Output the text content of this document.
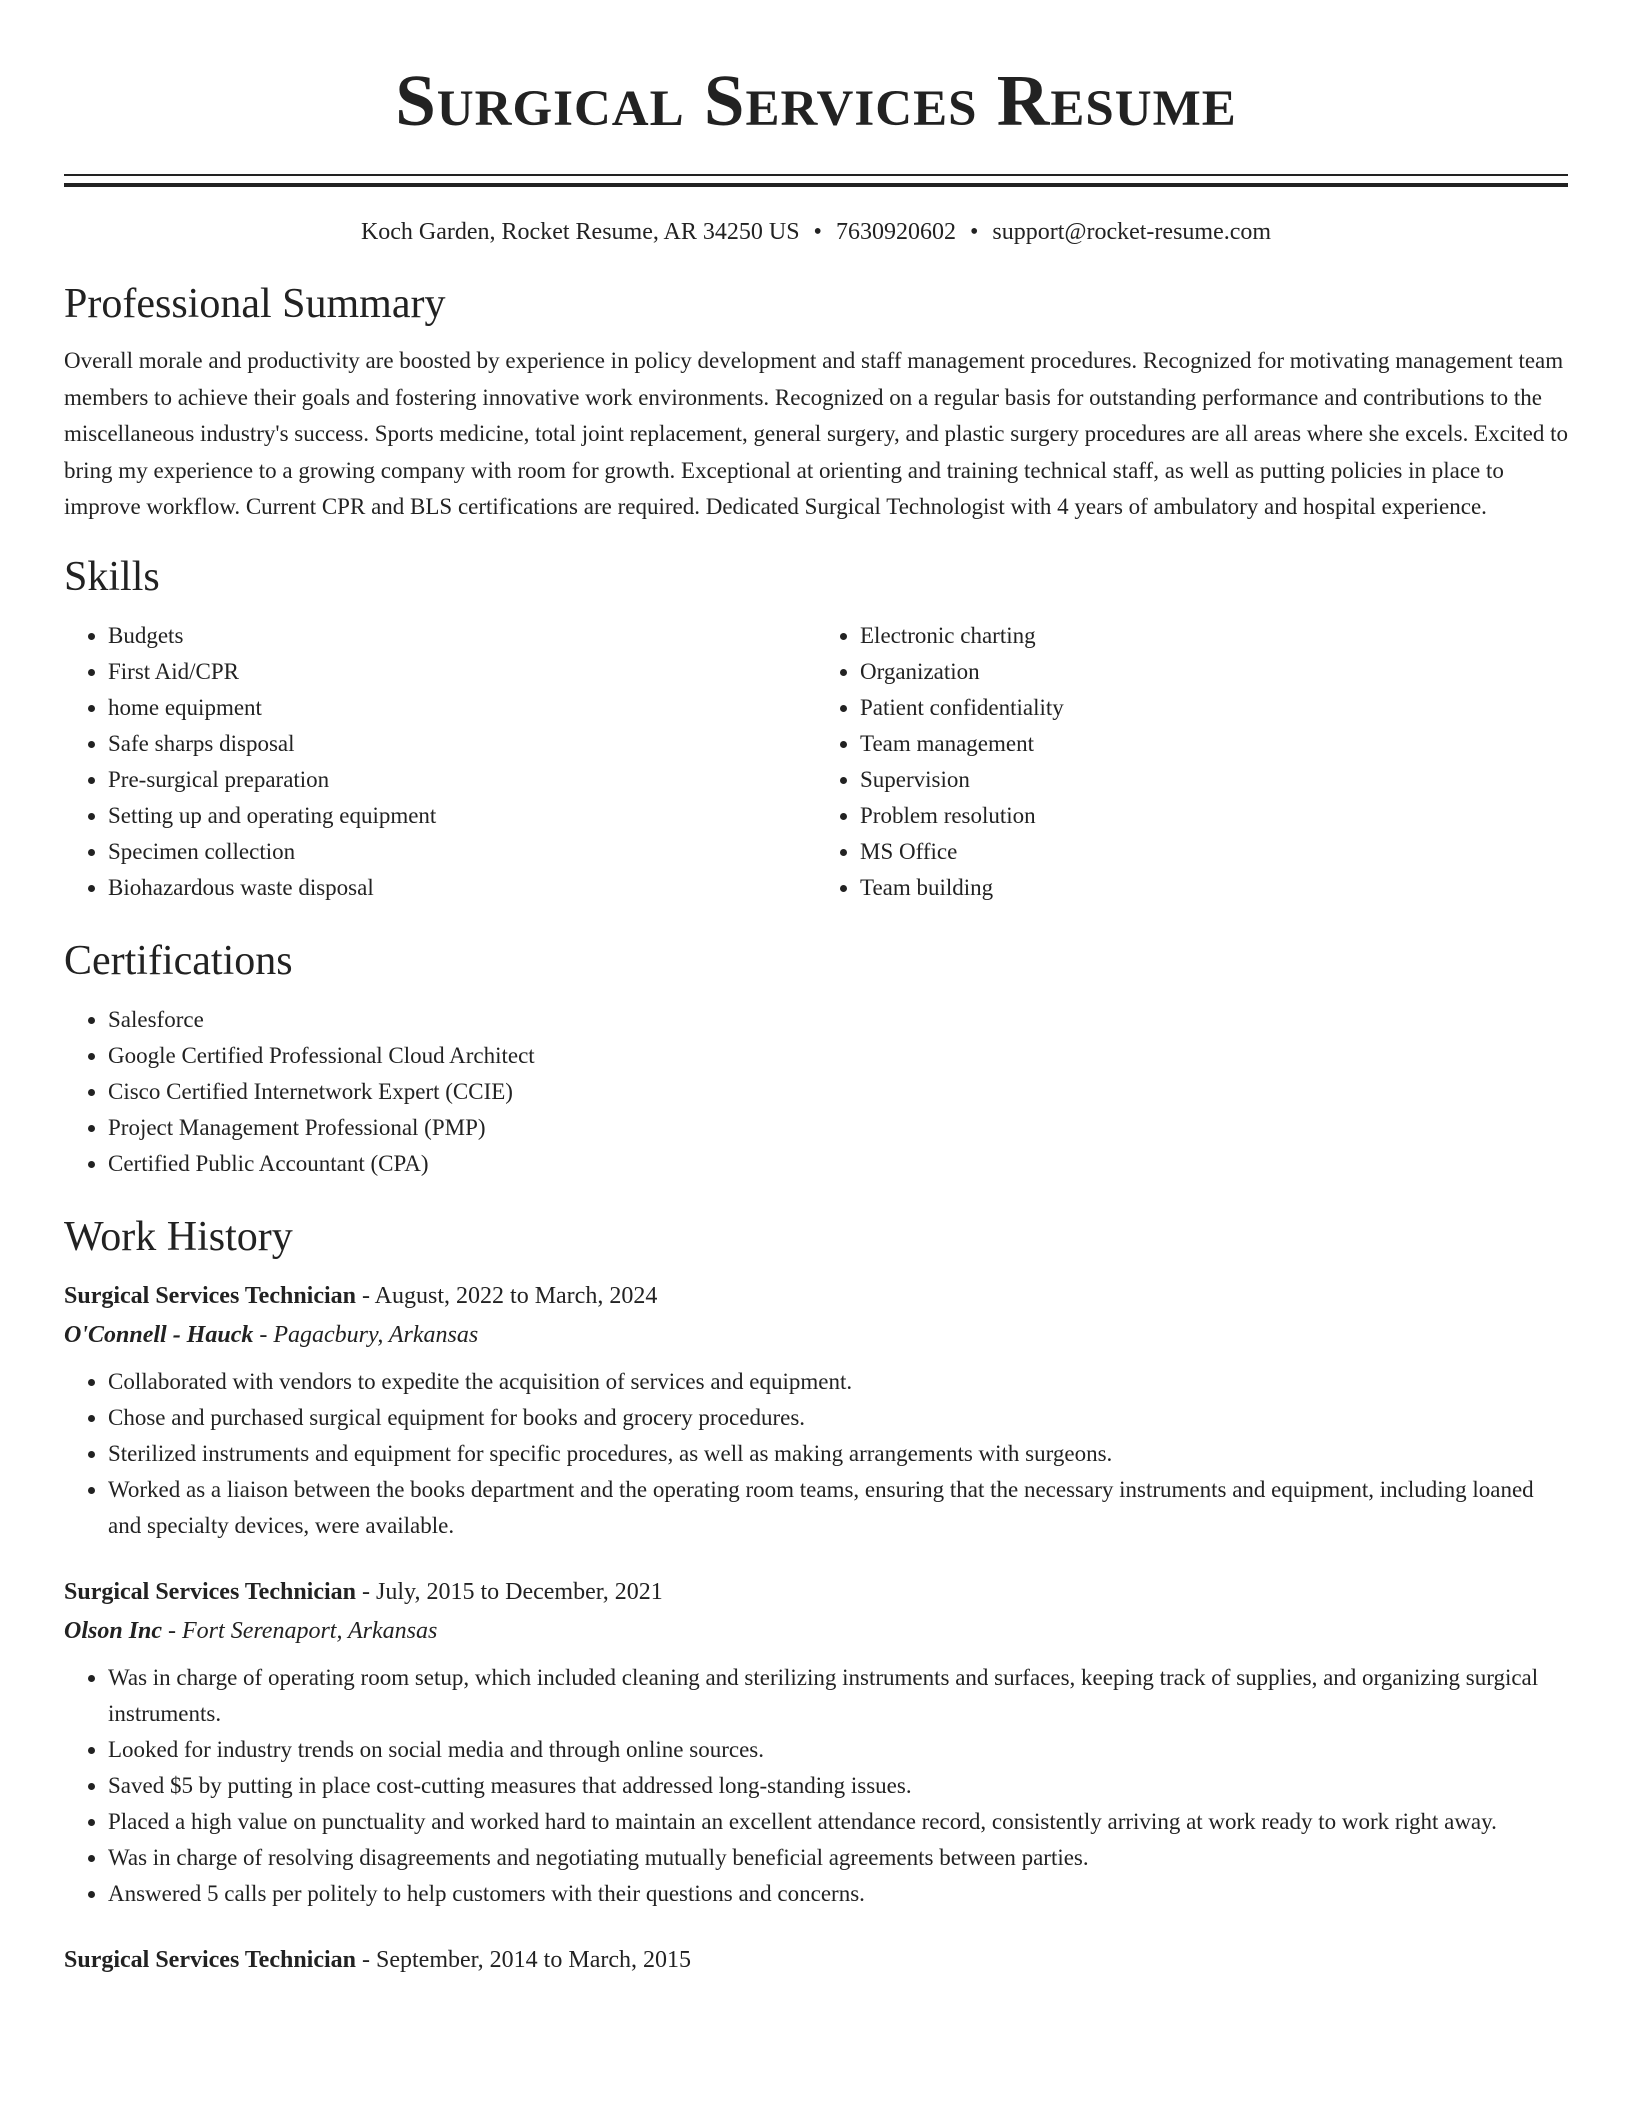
Surgical Services Resume
Koch Garden, Rocket Resume, AR 34250 US • 7630920602 • support@rocket-resume.com
Professional Summary

Overall morale and productivity are boosted by experience in policy development and staff management procedures. Recognized for motivating management team members to achieve their goals and fostering innovative work environments. Recognized on a regular basis for outstanding performance and contributions to the miscellaneous industry's success. Sports medicine, total joint replacement, general surgery, and plastic surgery procedures are all areas where she excels. Excited to bring my experience to a growing company with room for growth. Exceptional at orienting and training technical staff, as well as putting policies in place to improve workflow. Current CPR and BLS certifications are required. Dedicated Surgical Technologist with 4 years of ambulatory and hospital experience.

Skills
• Budgets
• First Aid/CPR
• home equipment
• Safe sharps disposal
• Pre-surgical preparation
• Setting up and operating equipment
• Specimen collection
• Biohazardous waste disposal
• Electronic charting
• Organization
• Patient confidentiality
• Team management
• Supervision
• Problem resolution
• MS Office
• Team building
Certifications
• Salesforce
• Google Certified Professional Cloud Architect
• Cisco Certified Internetwork Expert (CCIE)
• Project Management Professional (PMP)
• Certified Public Accountant (CPA)
Work History
Surgical Services Technician - August, 2022 to March, 2024
O'Connell - Hauck - Pagacbury, Arkansas
• Collaborated with vendors to expedite the acquisition of services and equipment.
• Chose and purchased surgical equipment for books and grocery procedures.
• Sterilized instruments and equipment for specific procedures, as well as making arrangements with surgeons.
• Worked as a liaison between the books department and the operating room teams, ensuring that the necessary instruments and equipment, including loaned and specialty devices, were available.
Surgical Services Technician - July, 2015 to December, 2021
Olson Inc - Fort Serenaport, Arkansas
• Was in charge of operating room setup, which included cleaning and sterilizing instruments and surfaces, keeping track of supplies, and organizing surgical instruments.
• Looked for industry trends on social media and through online sources.
• Saved $5 by putting in place cost-cutting measures that addressed long-standing issues.
• Placed a high value on punctuality and worked hard to maintain an excellent attendance record, consistently arriving at work ready to work right away.
• Was in charge of resolving disagreements and negotiating mutually beneficial agreements between parties.
• Answered 5 calls per politely to help customers with their questions and concerns.
Surgical Services Technician - September, 2014 to March, 2015
